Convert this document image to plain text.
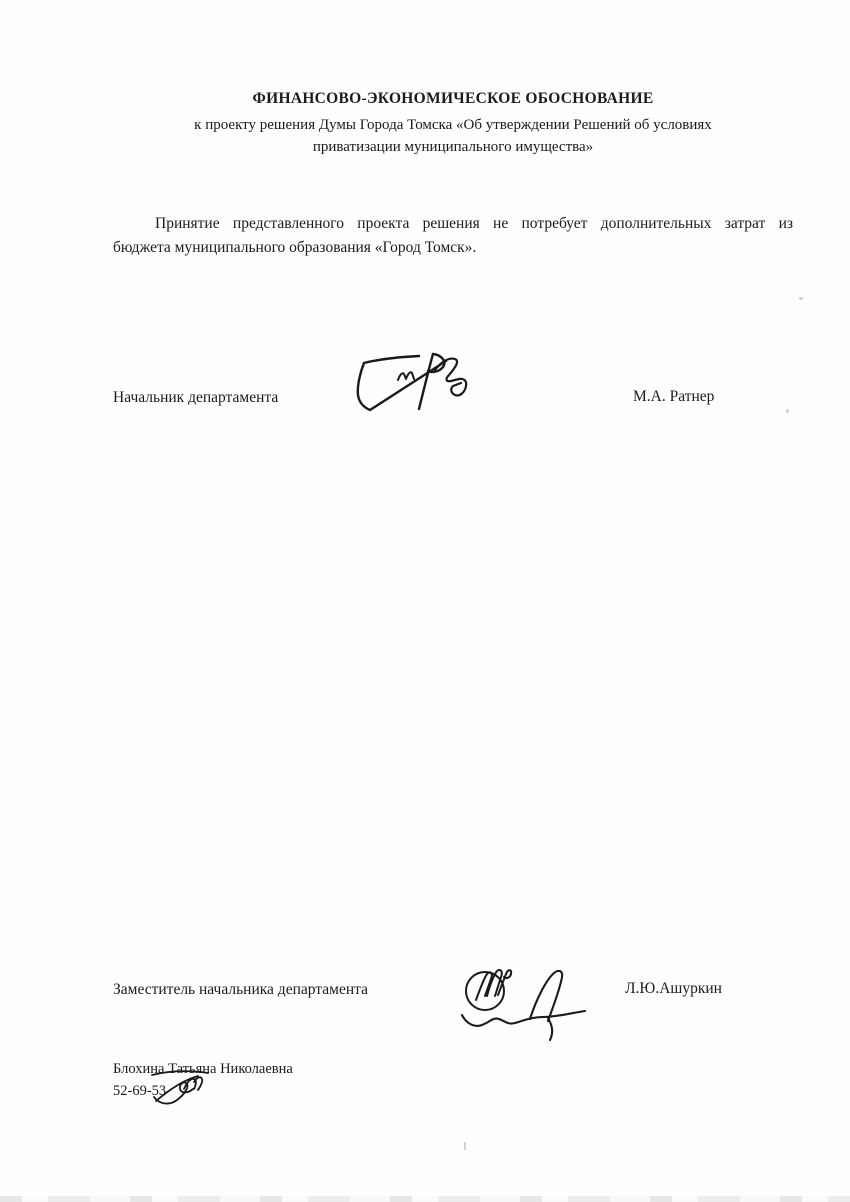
ФИНАНСОВО-ЭКОНОМИЧЕСКОЕ ОБОСНОВАНИЕ
к проекту решения Думы Города Томска «Об утверждении Решений об условиях
приватизации муниципального имущества»
Принятие представленного проекта решения не потребует дополнительных затрат из
бюджета муниципального образования «Город Томск».
Начальник департамента	М.А. Ратнер
Заместитель начальника департамента	Л.Ю.Ашуркин
Блохина Татьяна Николаевна
52-69-53
